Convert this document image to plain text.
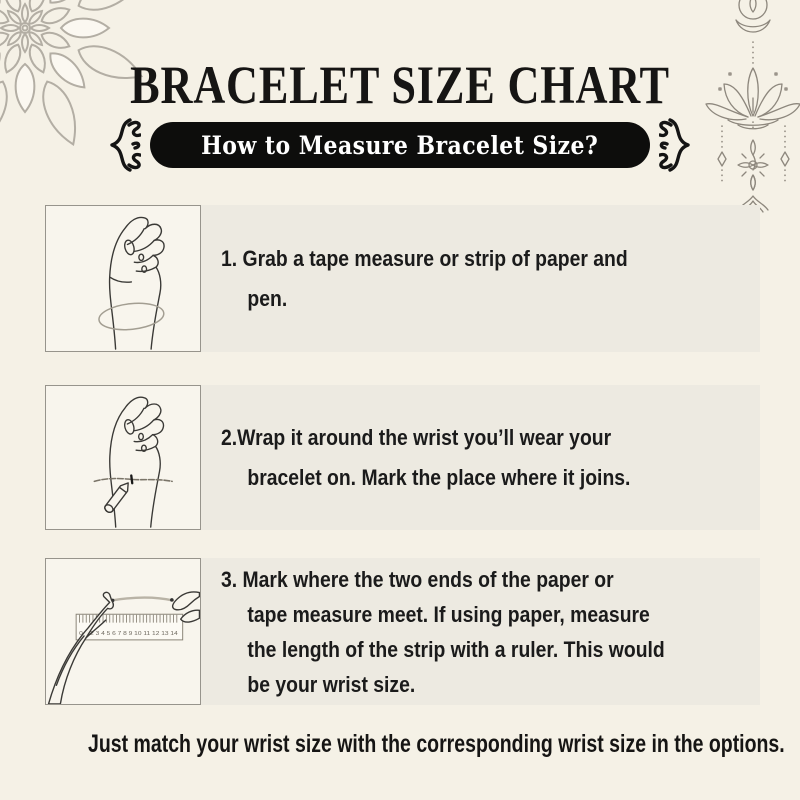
BRACELET SIZE CHART
How to Measure Bracelet Size?
1. Grab a tape measure or strip of paper and
pen.
2.Wrap it around the wrist you’ll wear your
bracelet on. Mark the place where it joins.
0 1 2 3 4 5 6 7 8 9 10 11 12 13 14
3. Mark where the two ends of the paper or
tape measure meet. If using paper, measure
the length of the strip with a ruler. This would
be your wrist size.

Just match your wrist size with the corresponding wrist size in the options.
